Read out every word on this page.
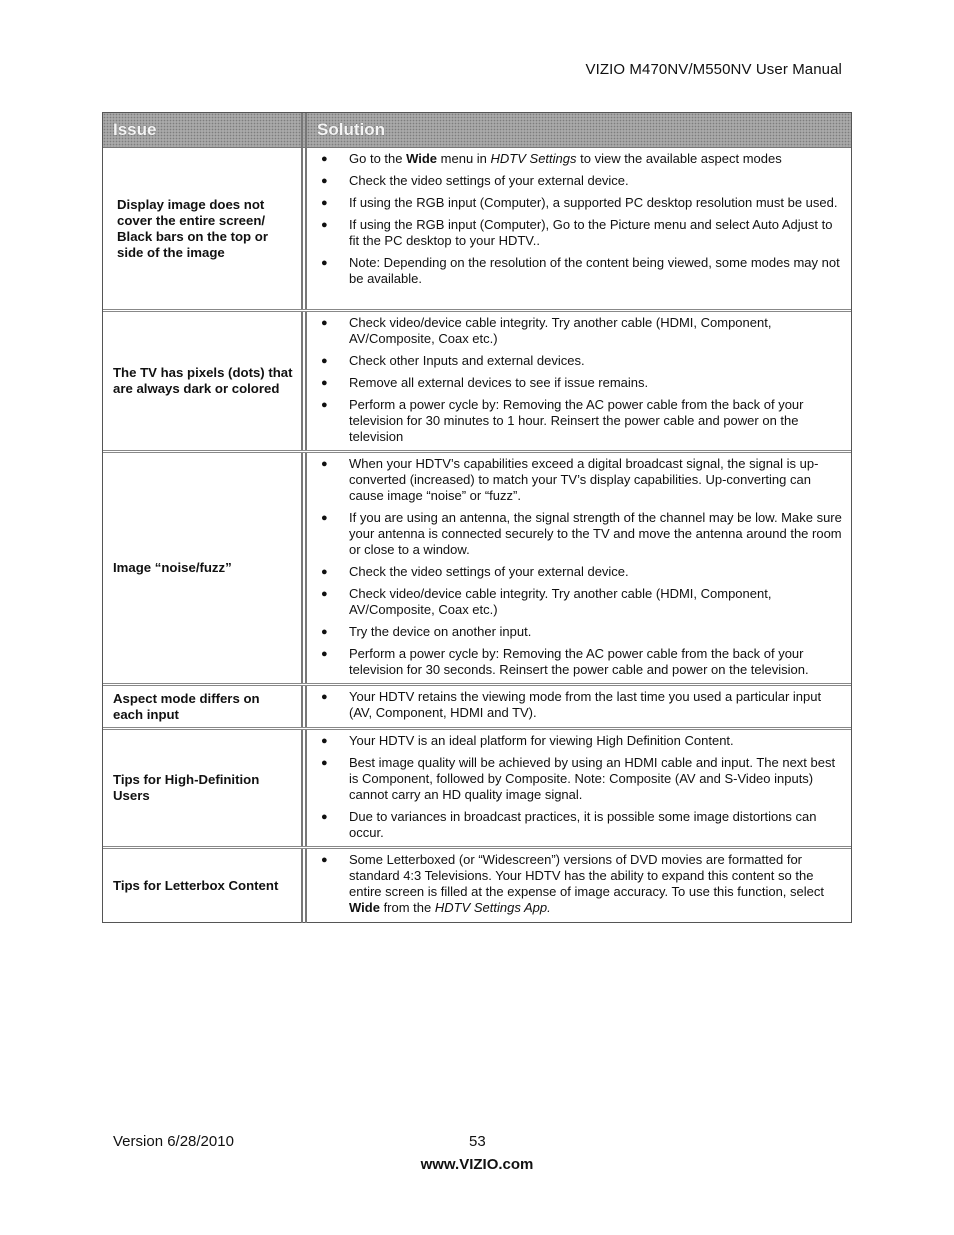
VIZIO M470NV/M550NV User Manual
Issue	Solution
Display image does not cover the entire screen/ Black bars on the top or side of the image
●	Go to the Wide menu in HDTV Settings to view the available aspect modes
●	Check the video settings of your external device.
●	If using the RGB input (Computer), a supported PC desktop resolution must be used.
●	If using the RGB input (Computer), Go to the Picture menu and select Auto Adjust to fit the PC desktop to your HDTV..
●	Note: Depending on the resolution of the content being viewed, some modes may not be available.
The TV has pixels (dots) that are always dark or colored
●	Check video/device cable integrity. Try another cable (HDMI, Component, AV/Composite, Coax etc.)
●	Check other Inputs and external devices.
●	Remove all external devices to see if issue remains.
●	Perform a power cycle by: Removing the AC power cable from the back of your television for 30 minutes to 1 hour. Reinsert the power cable and power on the television
Image “noise/fuzz”
●	When your HDTV’s capabilities exceed a digital broadcast signal, the signal is up-converted (increased) to match your TV’s display capabilities. Up-converting can cause image “noise” or “fuzz”.
●	If you are using an antenna, the signal strength of the channel may be low. Make sure your antenna is connected securely to the TV and move the antenna around the room or close to a window.
●	Check the video settings of your external device.
●	Check video/device cable integrity. Try another cable (HDMI, Component, AV/Composite, Coax etc.)
●	Try the device on another input.
●	Perform a power cycle by: Removing the AC power cable from the back of your television for 30 seconds. Reinsert the power cable and power on the television.
Aspect mode differs on each input
●	Your HDTV retains the viewing mode from the last time you used a particular input (AV, Component, HDMI and TV).
Tips for High-Definition Users
●	Your HDTV is an ideal platform for viewing High Definition Content.
●	Best image quality will be achieved by using an HDMI cable and input. The next best is Component, followed by Composite. Note: Composite (AV and S-Video inputs) cannot carry an HD quality image signal.
●	Due to variances in broadcast practices, it is possible some image distortions can occur.
Tips for Letterbox Content
●	Some Letterboxed (or “Widescreen”) versions of DVD movies are formatted for standard 4:3 Televisions. Your HDTV has the ability to expand this content so the entire screen is filled at the expense of image accuracy. To use this function, select Wide from the HDTV Settings App.
Version 6/28/2010	53
www.VIZIO.com
